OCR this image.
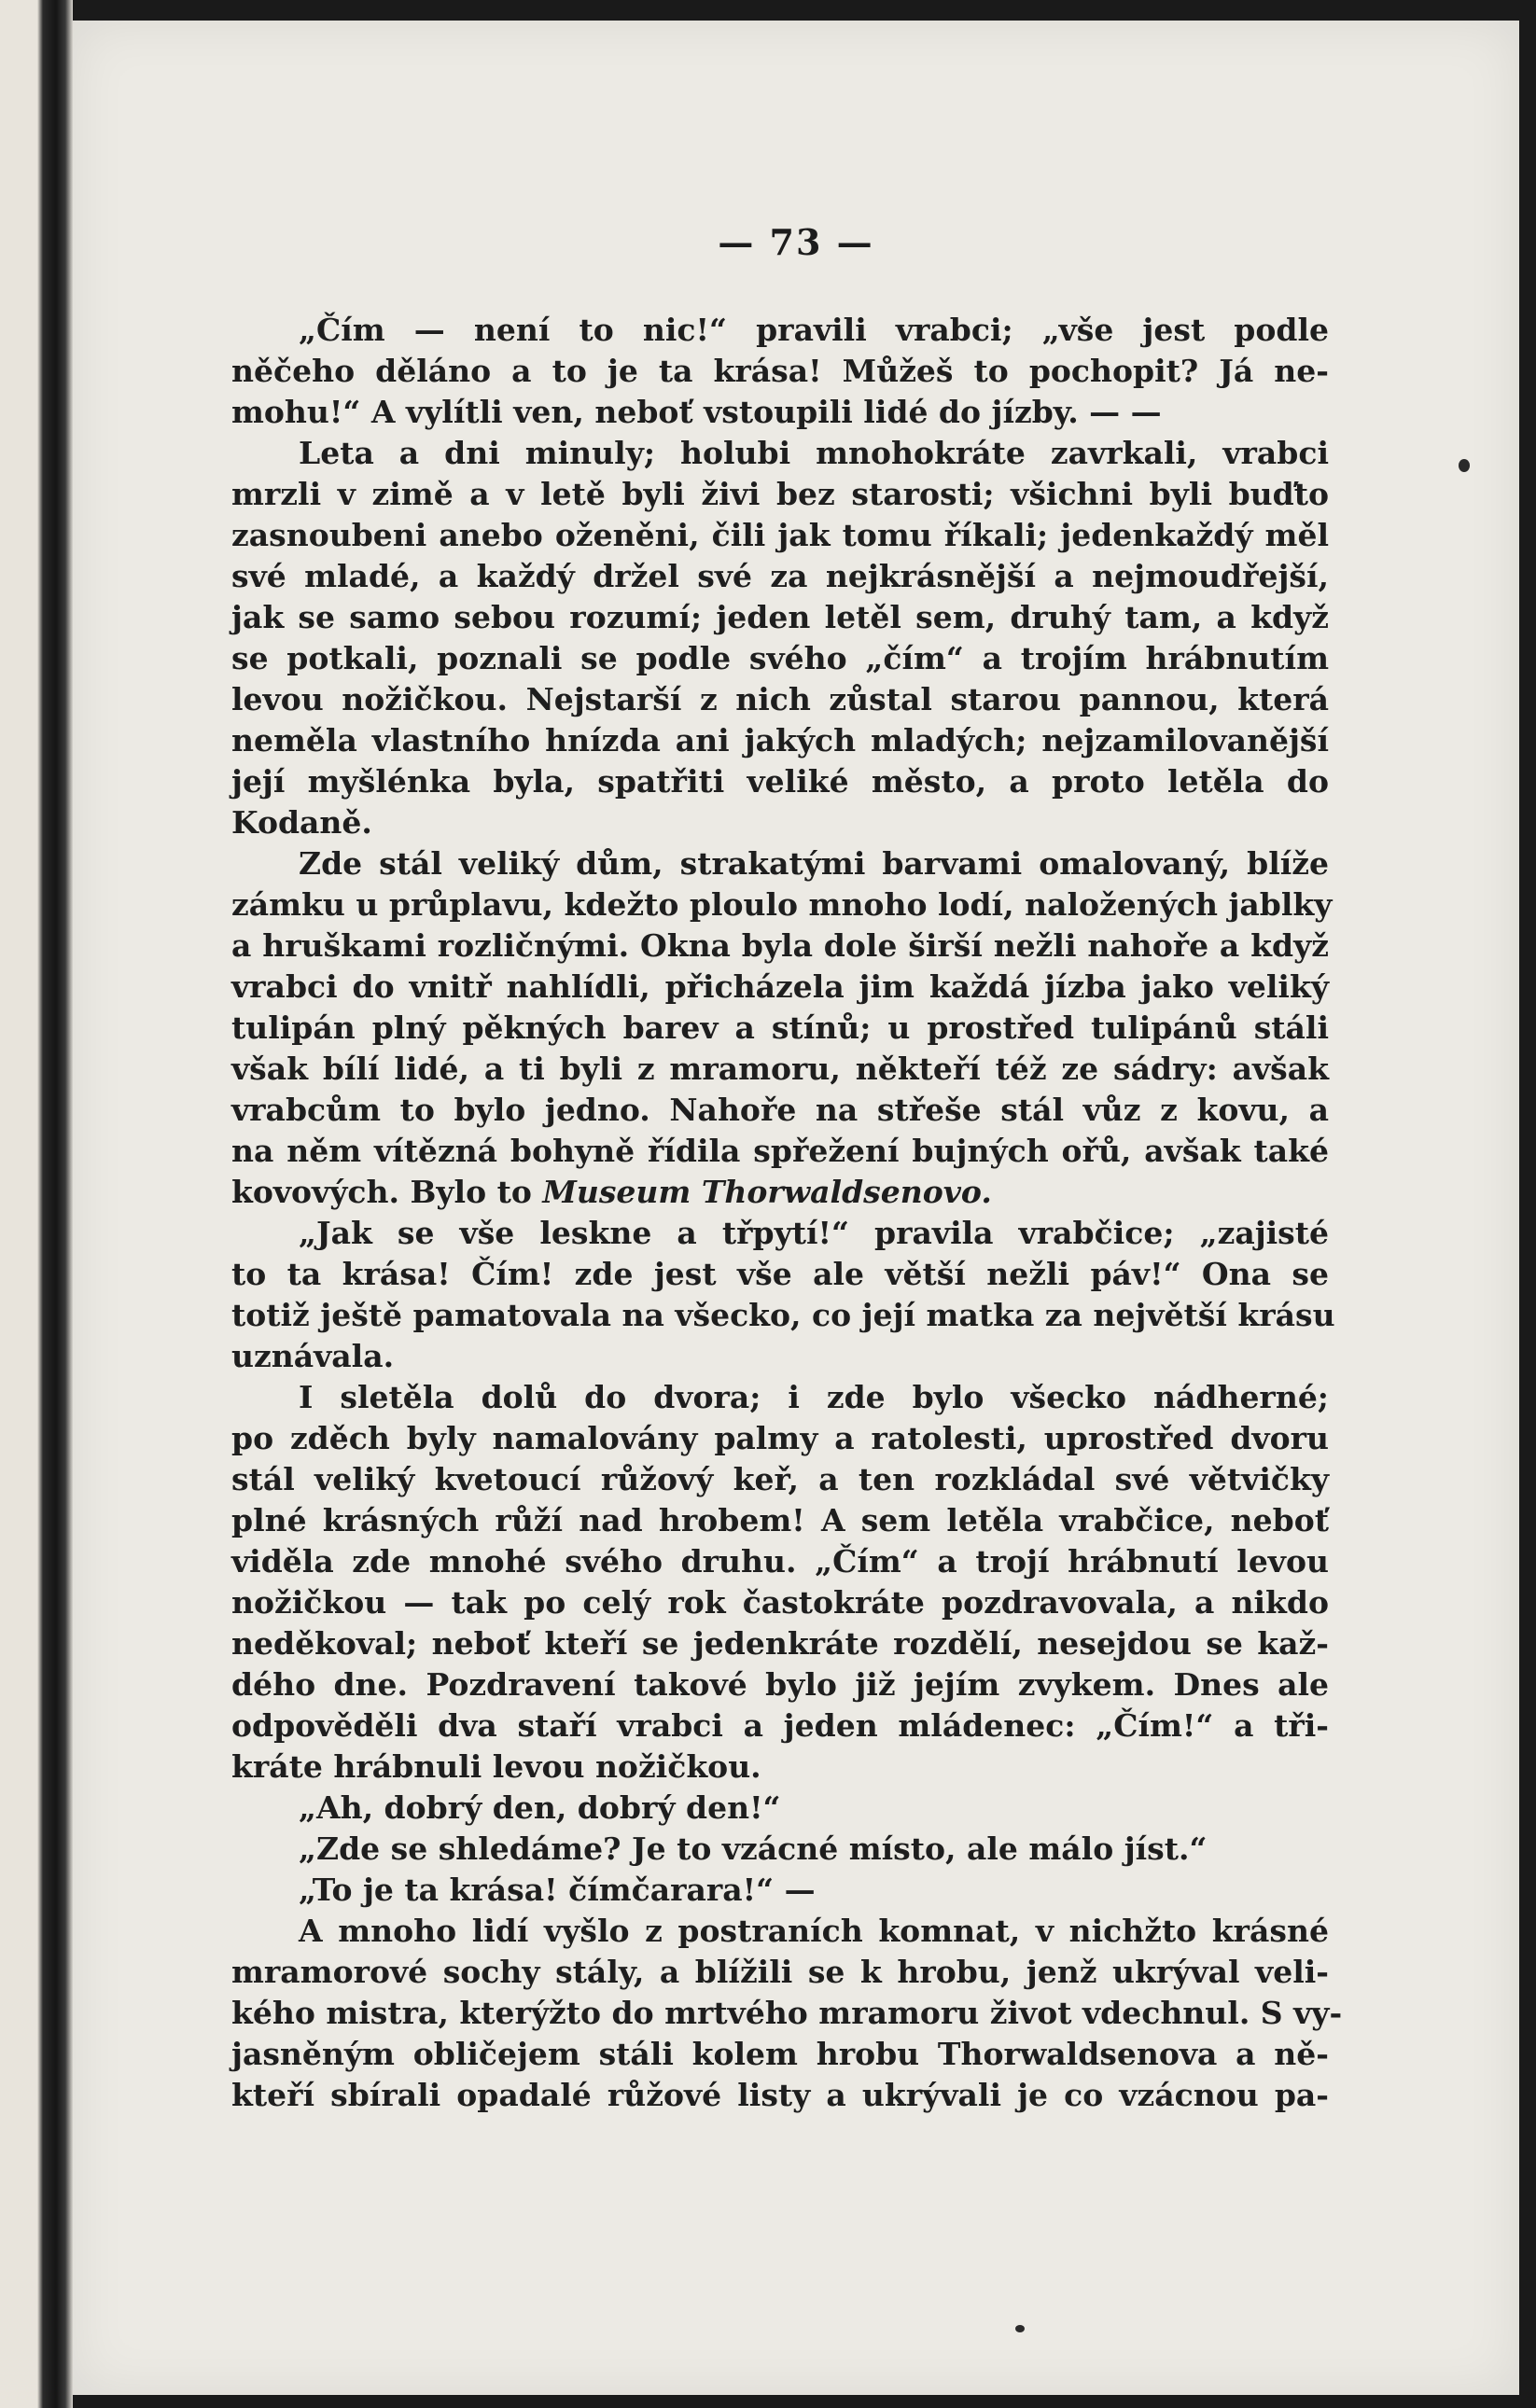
— 73 —
„Čím — není to nic!“ pravili vrabci; „vše jest podle
něčeho děláno a to je ta krása! Můžeš to pochopit? Já ne-
mohu!“ A vylítli ven, neboť vstoupili lidé do jízby. — —
Leta a dni minuly; holubi mnohokráte zavrkali, vrabci
mrzli v zimě a v letě byli živi bez starosti; všichni byli buďto
zasnoubeni anebo oženěni, čili jak tomu říkali; jedenkaždý měl
své mladé, a každý držel své za nejkrásnější a nejmoudřejší,
jak se samo sebou rozumí; jeden letěl sem, druhý tam, a když
se potkali, poznali se podle svého „čím“ a trojím hrábnutím
levou nožičkou. Nejstarší z nich zůstal starou pannou, která
neměla vlastního hnízda ani jakých mladých; nejzamilovanější
její myšlénka byla, spatřiti veliké město, a proto letěla do
Kodaně.
Zde stál veliký dům, strakatými barvami omalovaný, blíže
zámku u průplavu, kdežto ploulo mnoho lodí, naložených jablky
a hruškami rozličnými. Okna byla dole širší nežli nahoře a když
vrabci do vnitř nahlídli, přicházela jim každá jízba jako veliký
tulipán plný pěkných barev a stínů; u prostřed tulipánů stáli
však bílí lidé, a ti byli z mramoru, někteří též ze sádry: avšak
vrabcům to bylo jedno. Nahoře na střeše stál vůz z kovu, a
na něm vítězná bohyně řídila spřežení bujných ořů, avšak také
kovových. Bylo to Museum Thorwaldsenovo.
„Jak se vše leskne a třpytí!“ pravila vrabčice; „zajisté
to ta krása! Čím! zde jest vše ale větší nežli páv!“ Ona se
totiž ještě pamatovala na všecko, co její matka za největší krásu
uznávala.
I sletěla dolů do dvora; i zde bylo všecko nádherné;
po zděch byly namalovány palmy a ratolesti, uprostřed dvoru
stál veliký kvetoucí růžový keř, a ten rozkládal své větvičky
plné krásných růží nad hrobem! A sem letěla vrabčice, neboť
viděla zde mnohé svého druhu. „Čím“ a trojí hrábnutí levou
nožičkou — tak po celý rok častokráte pozdravovala, a nikdo
neděkoval; neboť kteří se jedenkráte rozdělí, nesejdou se kaž-
dého dne. Pozdravení takové bylo již jejím zvykem. Dnes ale
odpověděli dva staří vrabci a jeden mládenec: „Čím!“ a tři-
kráte hrábnuli levou nožičkou.
„Ah, dobrý den, dobrý den!“
„Zde se shledáme? Je to vzácné místo, ale málo jíst.“
„To je ta krása! čímčarara!“ —
A mnoho lidí vyšlo z postraních komnat, v nichžto krásné
mramorové sochy stály, a blížili se k hrobu, jenž ukrýval veli-
kého mistra, kterýžto do mrtvého mramoru život vdechnul. S vy-
jasněným obličejem stáli kolem hrobu Thorwaldsenova a ně-
kteří sbírali opadalé růžové listy a ukrývali je co vzácnou pa-
